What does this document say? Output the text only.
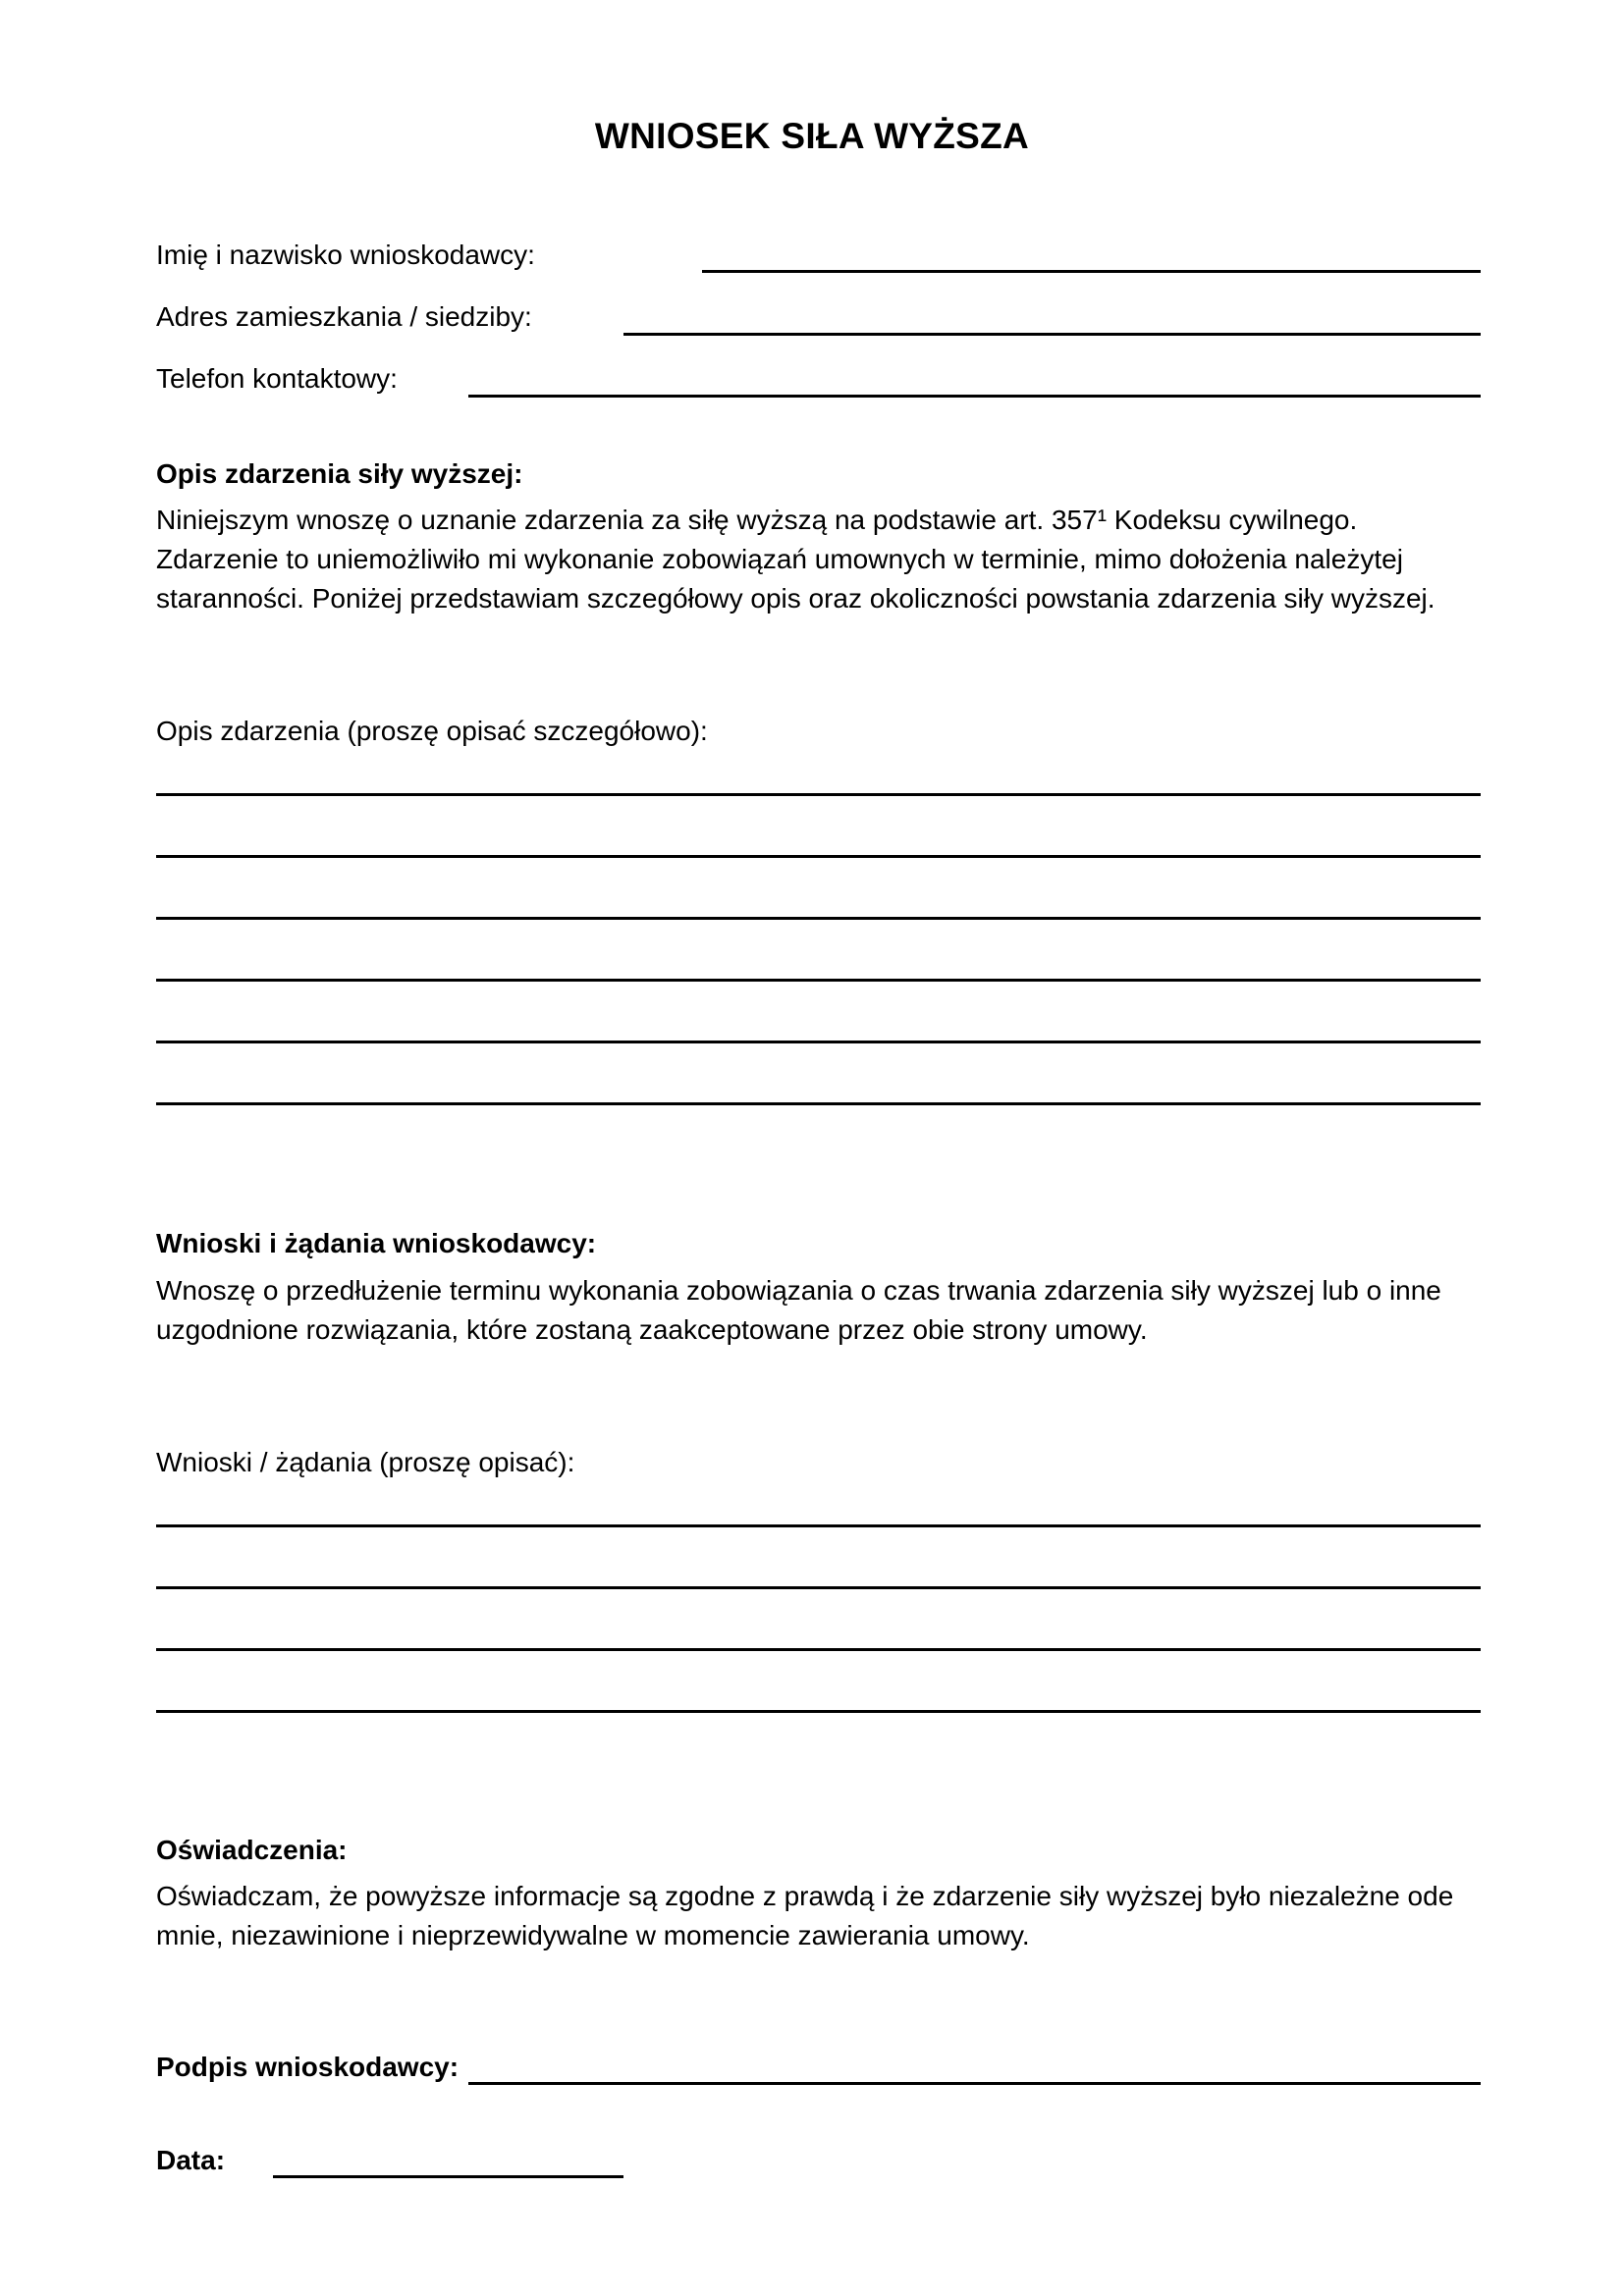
WNIOSEK SIŁA WYŻSZA
Imię i nazwisko wnioskodawcy:
Adres zamieszkania / siedziby:
Telefon kontaktowy:
Opis zdarzenia siły wyższej:
Niniejszym wnoszę o uznanie zdarzenia za siłę wyższą na podstawie art. 357¹ Kodeksu cywilnego.
Zdarzenie to uniemożliwiło mi wykonanie zobowiązań umownych w terminie, mimo dołożenia należytej
staranności. Poniżej przedstawiam szczegółowy opis oraz okoliczności powstania zdarzenia siły wyższej.
Opis zdarzenia (proszę opisać szczegółowo):
Wnioski i żądania wnioskodawcy:
Wnoszę o przedłużenie terminu wykonania zobowiązania o czas trwania zdarzenia siły wyższej lub o inne
uzgodnione rozwiązania, które zostaną zaakceptowane przez obie strony umowy.
Wnioski / żądania (proszę opisać):
Oświadczenia:
Oświadczam, że powyższe informacje są zgodne z prawdą i że zdarzenie siły wyższej było niezależne ode
mnie, niezawinione i nieprzewidywalne w momencie zawierania umowy.
Podpis wnioskodawcy:
Data:
